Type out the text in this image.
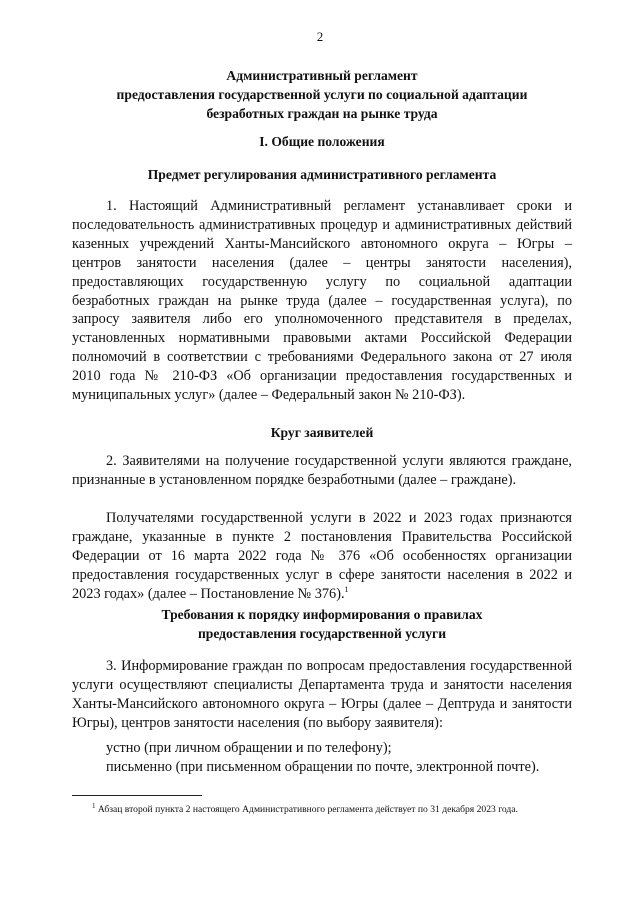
2
Административный регламент
предоставления государственной услуги по социальной адаптации
безработных граждан на рынке труда
I. Общие положения
Предмет регулирования административного регламента
1. Настоящий Административный регламент устанавливает сроки и последовательность административных процедур и административных действий казенных учреждений Ханты-Мансийского автономного округа – Югры – центров занятости населения (далее – центры занятости населения), предоставляющих государственную услугу по социальной адаптации безработных граждан на рынке труда (далее – государственная услуга), по запросу заявителя либо его уполномоченного представителя в пределах, установленных нормативными правовыми актами Российской Федерации полномочий в соответствии с требованиями Федерального закона от 27 июля 2010 года № 210-ФЗ «Об организации предоставления государственных и муниципальных услуг» (далее – Федеральный закон № 210-ФЗ).
Круг заявителей
2. Заявителями на получение государственной услуги являются граждане, признанные в установленном порядке безработными (далее – граждане).
Получателями государственной услуги в 2022 и 2023 годах признаются граждане, указанные в пункте 2 постановления Правительства Российской Федерации от 16 марта 2022 года № 376 «Об особенностях организации предоставления государственных услуг в сфере занятости населения в 2022 и 2023 годах» (далее – Постановление № 376).$^1$
Требования к порядку информирования о правилах
предоставления государственной услуги
3. Информирование граждан по вопросам предоставления государственной услуги осуществляют специалисты Департамента труда и занятости населения Ханты-Мансийского автономного округа – Югры (далее – Дептруда и занятости Югры), центров занятости населения (по выбору заявителя):
устно (при личном обращении и по телефону);
письменно (при письменном обращении по почте, электронной почте).
$^1$ Абзац второй пункта 2 настоящего Административного регламента действует по 31 декабря 2023 года.
